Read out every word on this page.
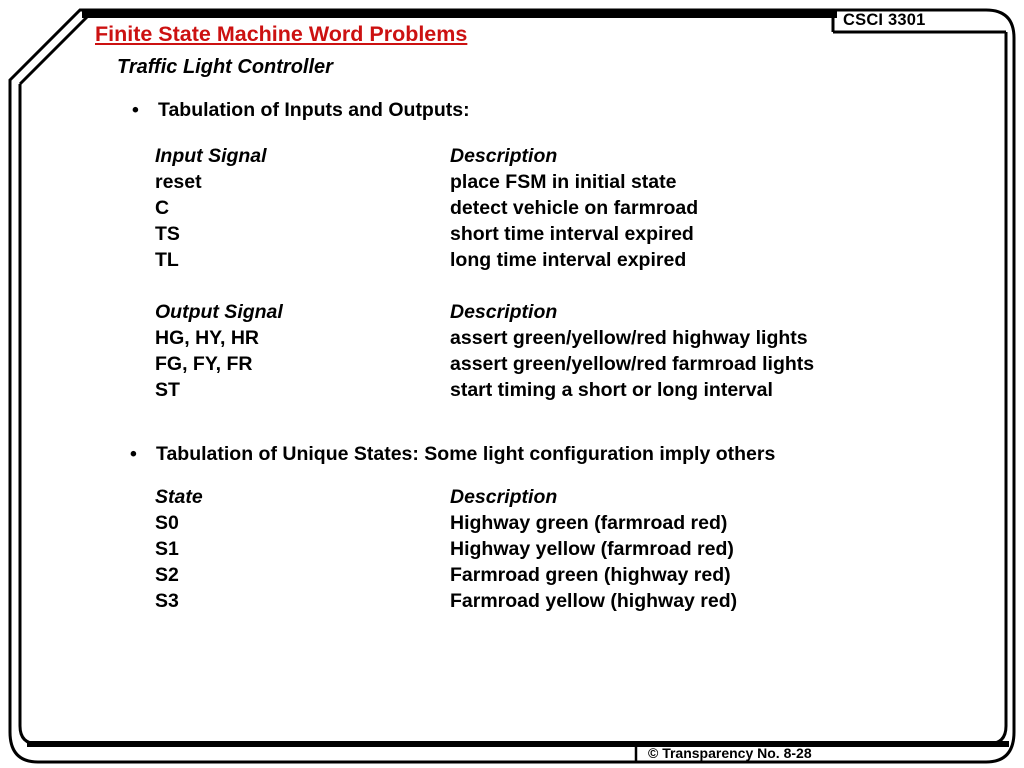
CSCI 3301
© Transparency No. 8-28
Finite State Machine Word Problems
Traffic Light Controller
• Tabulation of Inputs and Outputs:
Input Signal	Description
reset	place FSM in initial state
C	detect vehicle on farmroad
TS	short time interval expired
TL	long time interval expired
Output Signal	Description
HG, HY, HR	assert green/yellow/red highway lights
FG, FY, FR	assert green/yellow/red farmroad lights
ST	start timing a short or long interval
• Tabulation of Unique States: Some light configuration imply others
State	Description
S0	Highway green (farmroad red)
S1	Highway yellow (farmroad red)
S2	Farmroad green (highway red)
S3	Farmroad yellow (highway red)
